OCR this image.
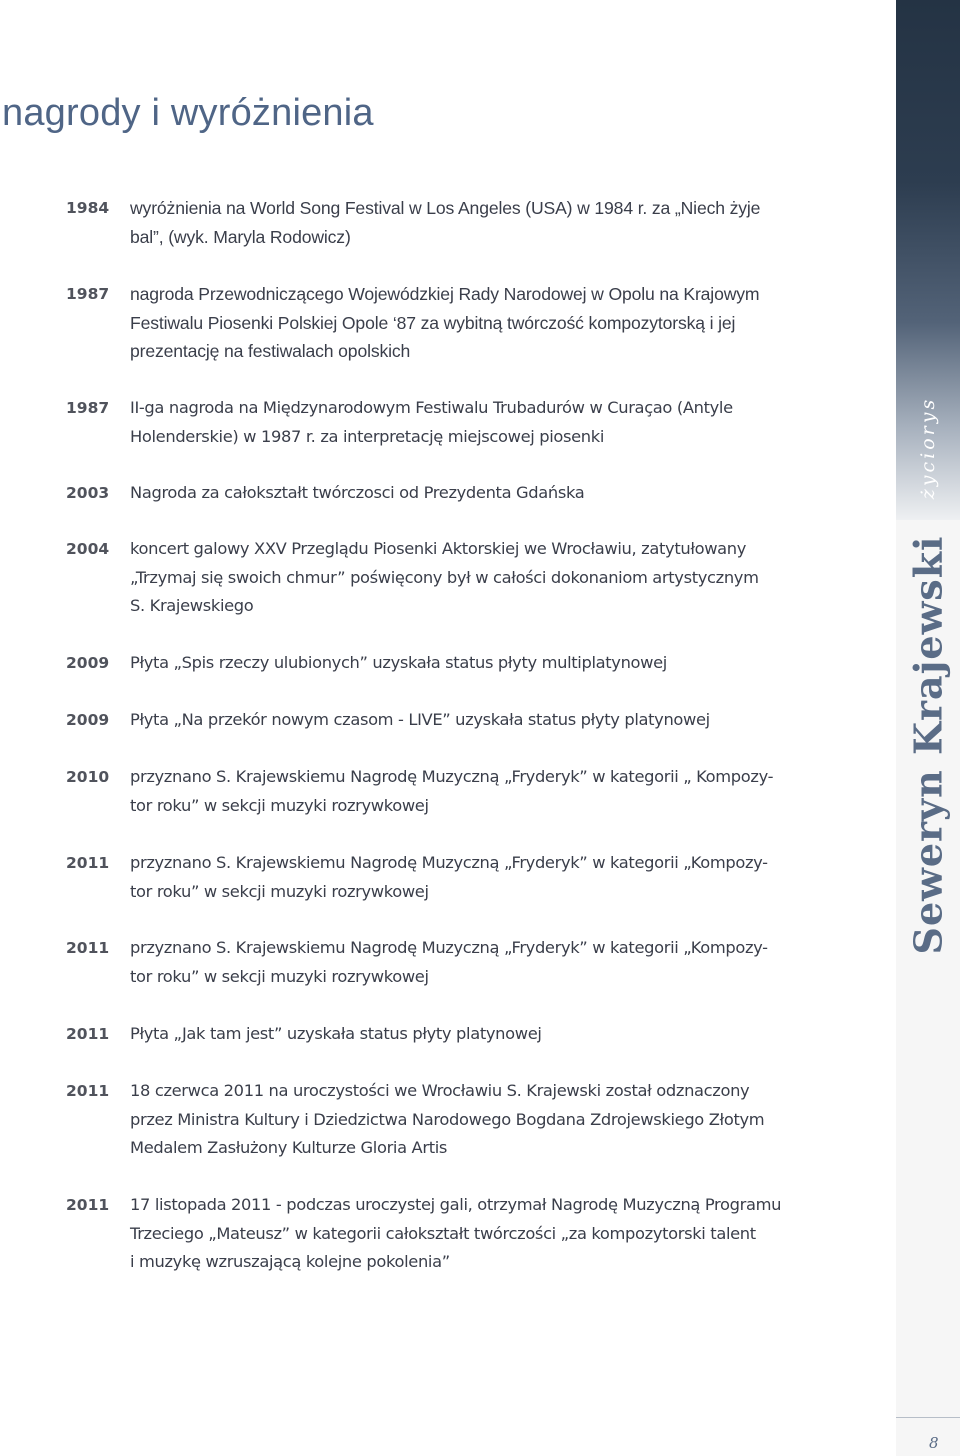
nagrody i wyróżnienia
1984	wyróżnienia na World Song Festival w Los Angeles (USA) w 1984 r. za „Niech żyje
bal”, (wyk. Maryla Rodowicz)
1987	nagroda Przewodniczącego Wojewódzkiej Rady Narodowej w Opolu na Krajowym
Festiwalu Piosenki Polskiej Opole ‘87 za wybitną twórczość kompozytorską i jej
prezentację na festiwalach opolskich
1987	II-ga nagroda na Międzynarodowym Festiwalu Trubadurów w Curaçao (Antyle
Holenderskie) w 1987 r. za interpretację miejscowej piosenki
2003	Nagroda za całokształt twórczosci od Prezydenta Gdańska
2004	koncert galowy XXV Przeglądu Piosenki Aktorskiej we Wrocławiu, zatytułowany
„Trzymaj się swoich chmur” poświęcony był w całości dokonaniom artystycznym
S. Krajewskiego
2009	Płyta „Spis rzeczy ulubionych” uzyskała status płyty multiplatynowej
2009	Płyta „Na przekór nowym czasom - LIVE” uzyskała status płyty platynowej
2010	przyznano S. Krajewskiemu Nagrodę Muzyczną „Fryderyk” w kategorii „ Kompozy-
tor roku” w sekcji muzyki rozrywkowej
2011	przyznano S. Krajewskiemu Nagrodę Muzyczną „Fryderyk” w kategorii „Kompozy-
tor roku” w sekcji muzyki rozrywkowej
2011	przyznano S. Krajewskiemu Nagrodę Muzyczną „Fryderyk” w kategorii „Kompozy-
tor roku” w sekcji muzyki rozrywkowej
2011	Płyta „Jak tam jest” uzyskała status płyty platynowej
2011	18 czerwca 2011 na uroczystości we Wrocławiu S. Krajewski został odznaczony
przez Ministra Kultury i Dziedzictwa Narodowego Bogdana Zdrojewskiego Złotym
Medalem Zasłużony Kulturze Gloria Artis
2011	17 listopada 2011 - podczas uroczystej gali, otrzymał Nagrodę Muzyczną Programu
Trzeciego „Mateusz” w kategorii całokształt twórczości „za kompozytorski talent
i muzykę wzruszającą kolejne pokolenia”
życiorys
Seweryn Krajewski
8
